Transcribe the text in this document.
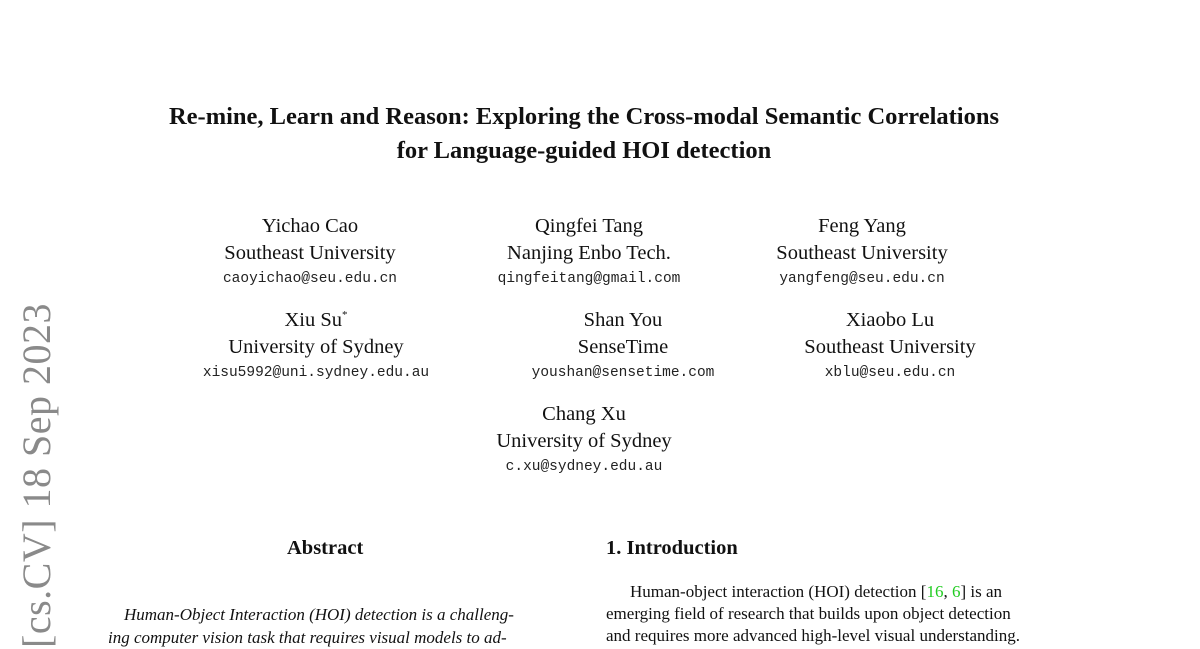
[cs.CV] 18 Sep 2023
Re-mine, Learn and Reason: Exploring the Cross-modal Semantic Correlations
for Language-guided HOI detection
Yichao Cao
Southeast University
caoyichao@seu.edu.cn
Qingfei Tang
Nanjing Enbo Tech.
qingfeitang@gmail.com
Feng Yang
Southeast University
yangfeng@seu.edu.cn
Xiu Su*
University of Sydney
xisu5992@uni.sydney.edu.au
Shan You
SenseTime
youshan@sensetime.com
Xiaobo Lu
Southeast University
xblu@seu.edu.cn
Chang Xu
University of Sydney
c.xu@sydney.edu.au
Abstract
Human-Object Interaction (HOI) detection is a challeng-
ing computer vision task that requires visual models to ad-
1. Introduction
Human-object interaction (HOI) detection [16, 6] is an
emerging field of research that builds upon object detection
and requires more advanced high-level visual understanding.
